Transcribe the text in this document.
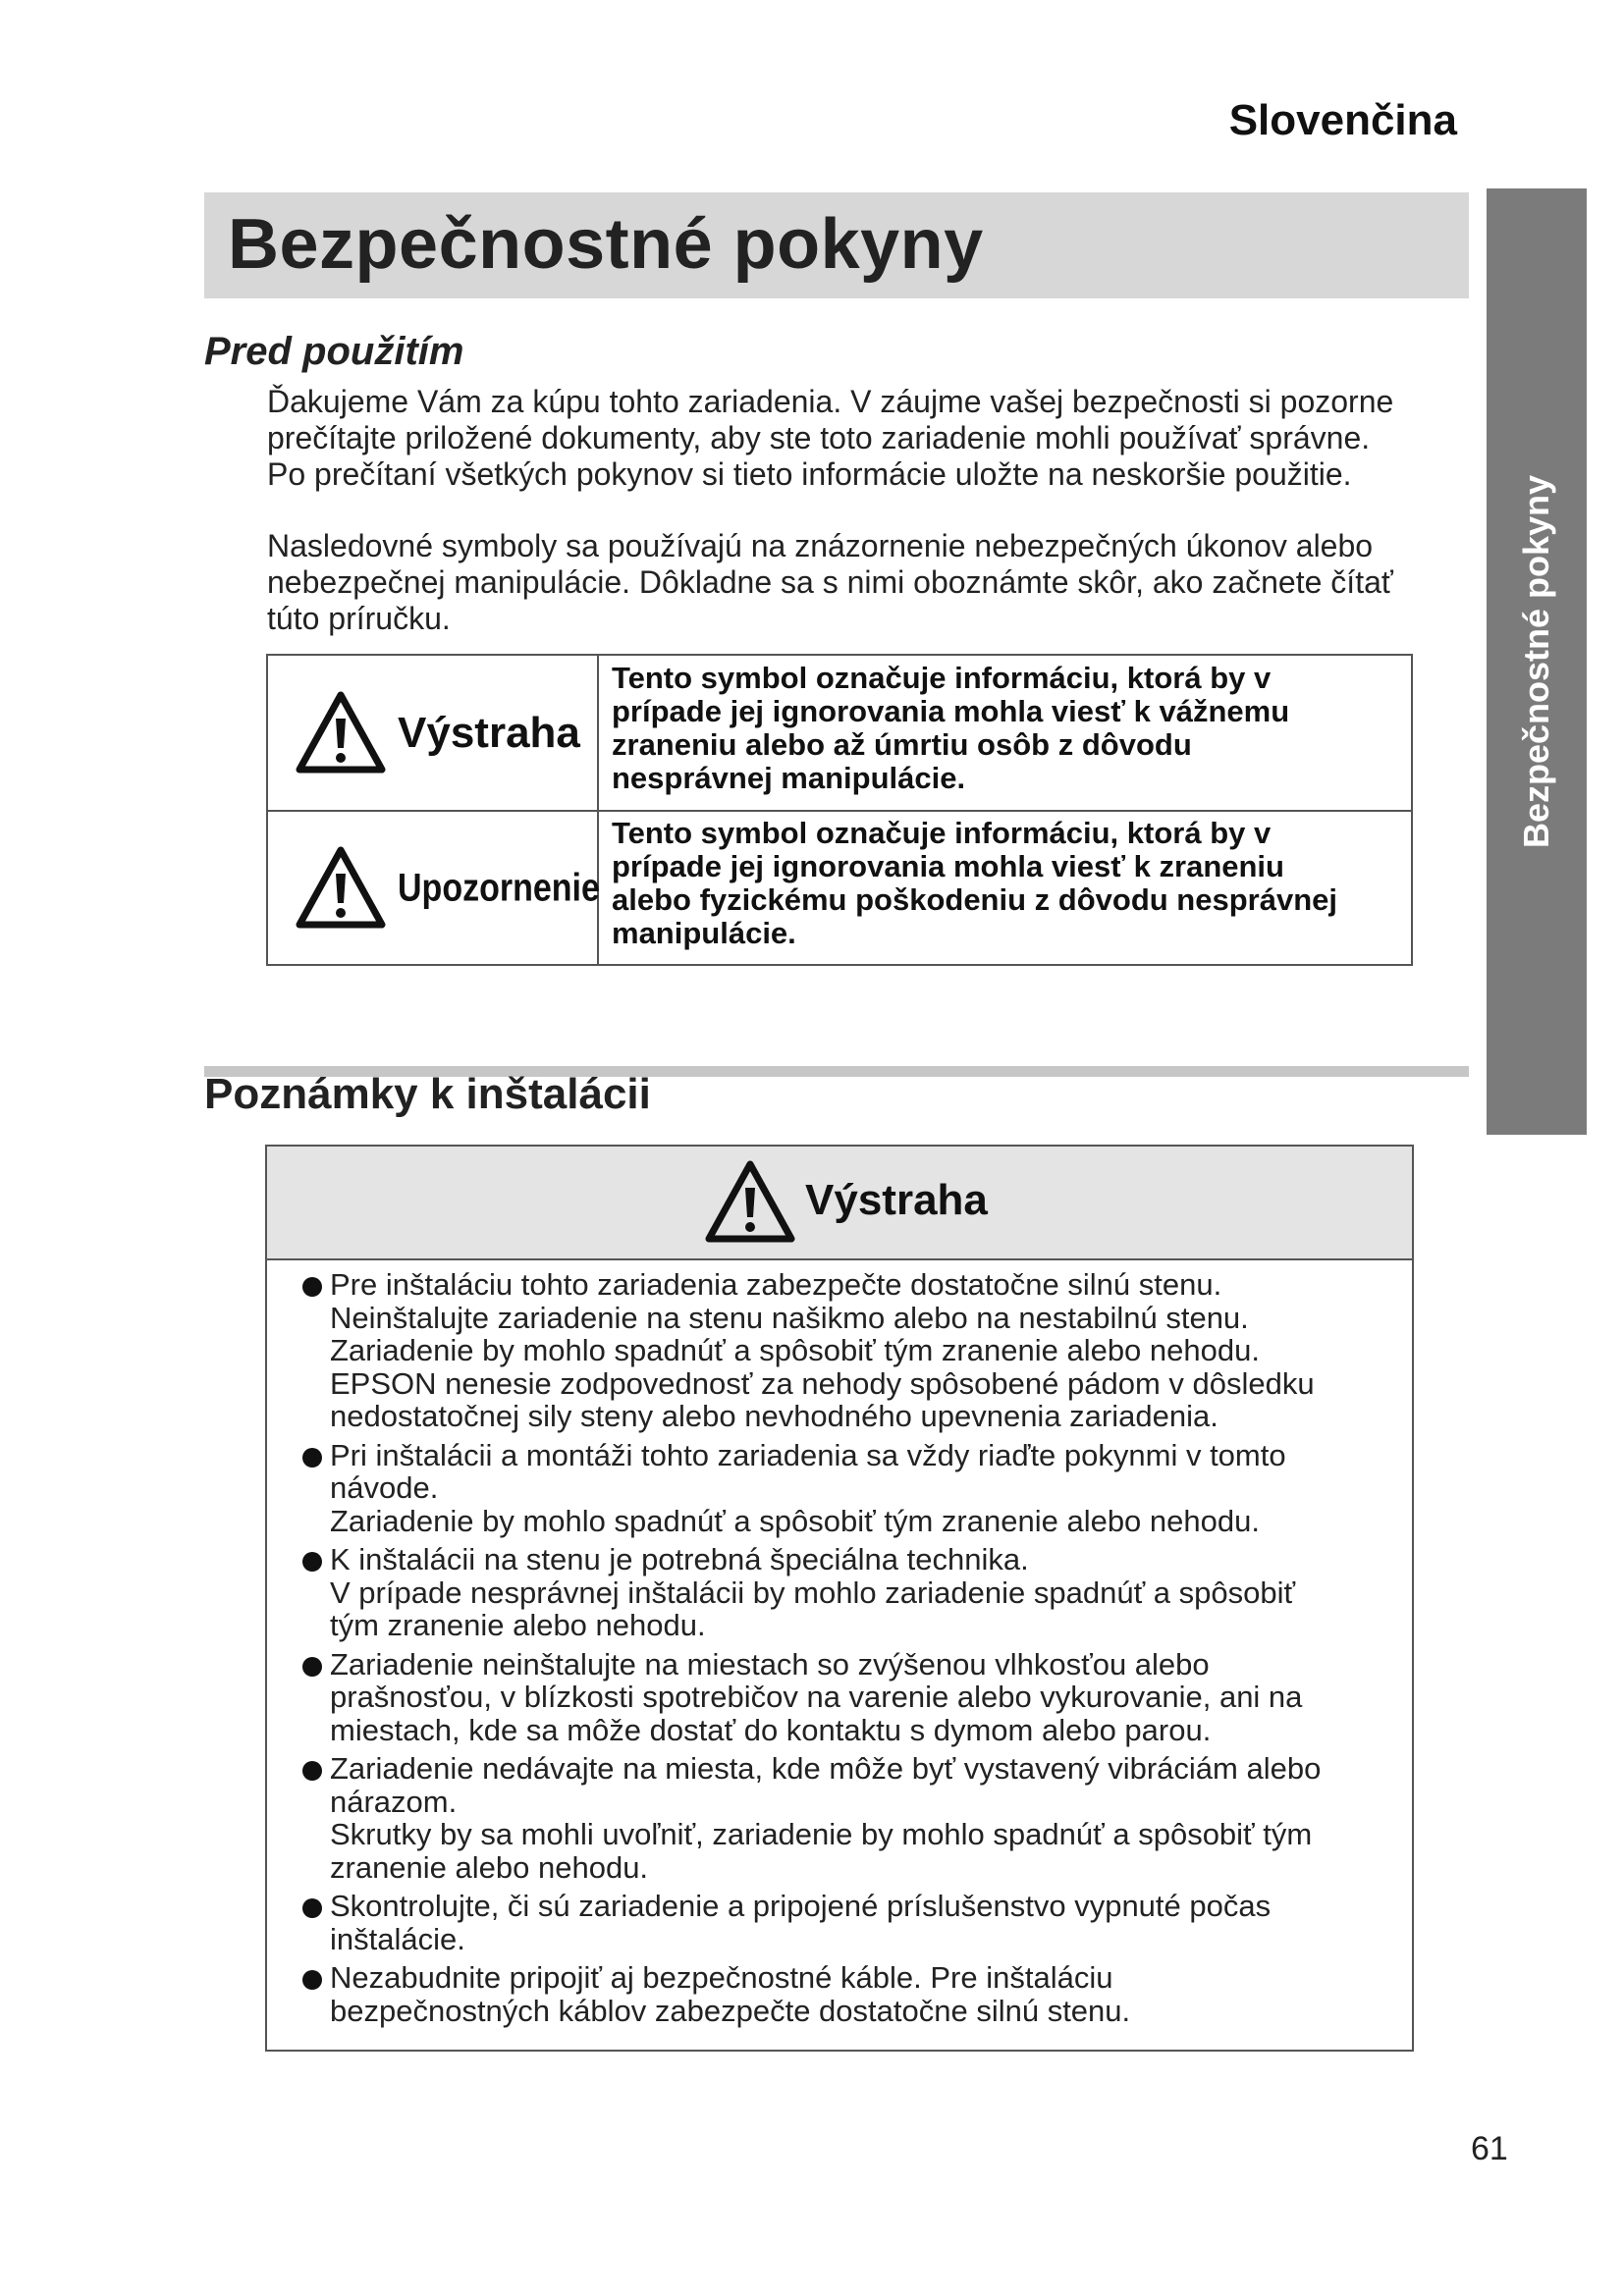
Slovenčina
Bezpečnostné pokyny
Bezpečnostné pokyny
Pred použitím
Ďakujeme Vám za kúpu tohto zariadenia. V záujme vašej bezpečnosti si pozorne
prečítajte priložené dokumenty, aby ste toto zariadenie mohli používať správne.
Po prečítaní všetkých pokynov si tieto informácie uložte na neskoršie použitie.
Nasledovné symboly sa používajú na znázornenie nebezpečných úkonov alebo
nebezpečnej manipulácie. Dôkladne sa s nimi oboznámte skôr, ako začnete čítať
túto príručku.
Výstraha
Tento symbol označuje informáciu, ktorá by v
prípade jej ignorovania mohla viesť k vážnemu
zraneniu alebo až úmrtiu osôb z dôvodu
nesprávnej manipulácie.
Upozornenie
Tento symbol označuje informáciu, ktorá by v
prípade jej ignorovania mohla viesť k zraneniu
alebo fyzickému poškodeniu z dôvodu nesprávnej
manipulácie.
Poznámky k inštalácii
Výstraha
Pre inštaláciu tohto zariadenia zabezpečte dostatočne silnú stenu.
Neinštalujte zariadenie na stenu našikmo alebo na nestabilnú stenu.
Zariadenie by mohlo spadnúť a spôsobiť tým zranenie alebo nehodu.
EPSON nenesie zodpovednosť za nehody spôsobené pádom v dôsledku
nedostatočnej sily steny alebo nevhodného upevnenia zariadenia.
Pri inštalácii a montáži tohto zariadenia sa vždy riaďte pokynmi v tomto
návode.
Zariadenie by mohlo spadnúť a spôsobiť tým zranenie alebo nehodu.
K inštalácii na stenu je potrebná špeciálna technika.
V prípade nesprávnej inštalácii by mohlo zariadenie spadnúť a spôsobiť
tým zranenie alebo nehodu.
Zariadenie neinštalujte na miestach so zvýšenou vlhkosťou alebo
prašnosťou, v blízkosti spotrebičov na varenie alebo vykurovanie, ani na
miestach, kde sa môže dostať do kontaktu s dymom alebo parou.
Zariadenie nedávajte na miesta, kde môže byť vystavený vibráciám alebo
nárazom.
Skrutky by sa mohli uvoľniť, zariadenie by mohlo spadnúť a spôsobiť tým
zranenie alebo nehodu.
Skontrolujte, či sú zariadenie a pripojené príslušenstvo vypnuté počas
inštalácie.
Nezabudnite pripojiť aj bezpečnostné káble. Pre inštaláciu
bezpečnostných káblov zabezpečte dostatočne silnú stenu.
61
